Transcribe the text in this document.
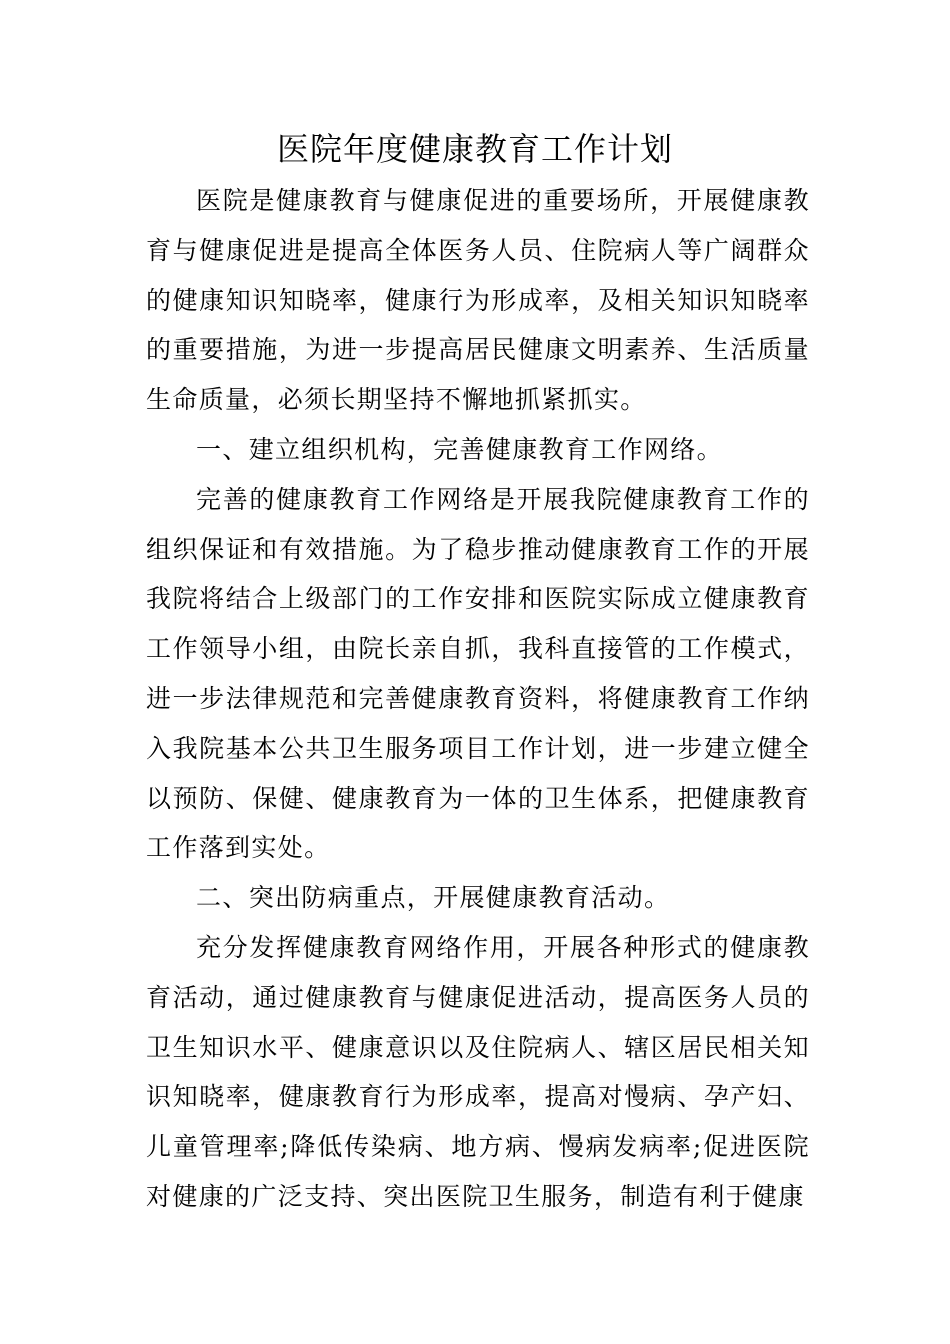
医院年度健康教育工作计划

医院是健康教育与健康促进的重要场所，开展健康教育与健康促进是提高全体医务人员、住院病人等广阔群众的健康知识知晓率，健康行为形成率，及相关知识知晓率的重要措施，为进一步提高居民健康文明素养、生活质量生命质量，必须长期坚持不懈地抓紧抓实。

一、建立组织机构，完善健康教育工作网络。

完善的健康教育工作网络是开展我院健康教育工作的组织保证和有效措施。为了稳步推动健康教育工作的开展我院将结合上级部门的工作安排和医院实际成立健康教育工作领导小组，由院长亲自抓，我科直接管的工作模式，进一步法律规范和完善健康教育资料，将健康教育工作纳入我院基本公共卫生服务项目工作计划，进一步建立健全以预防、保健、健康教育为一体的卫生体系，把健康教育工作落到实处。

二、突出防病重点，开展健康教育活动。

充分发挥健康教育网络作用，开展各种形式的健康教育活动，通过健康教育与健康促进活动，提高医务人员的卫生知识水平、健康意识以及住院病人、辖区居民相关知识知晓率，健康教育行为形成率，提高对慢病、孕产妇、儿童管理率;降低传染病、地方病、慢病发病率;促进医院对健康的广泛支持、突出医院卫生服务，制造有利于健康
